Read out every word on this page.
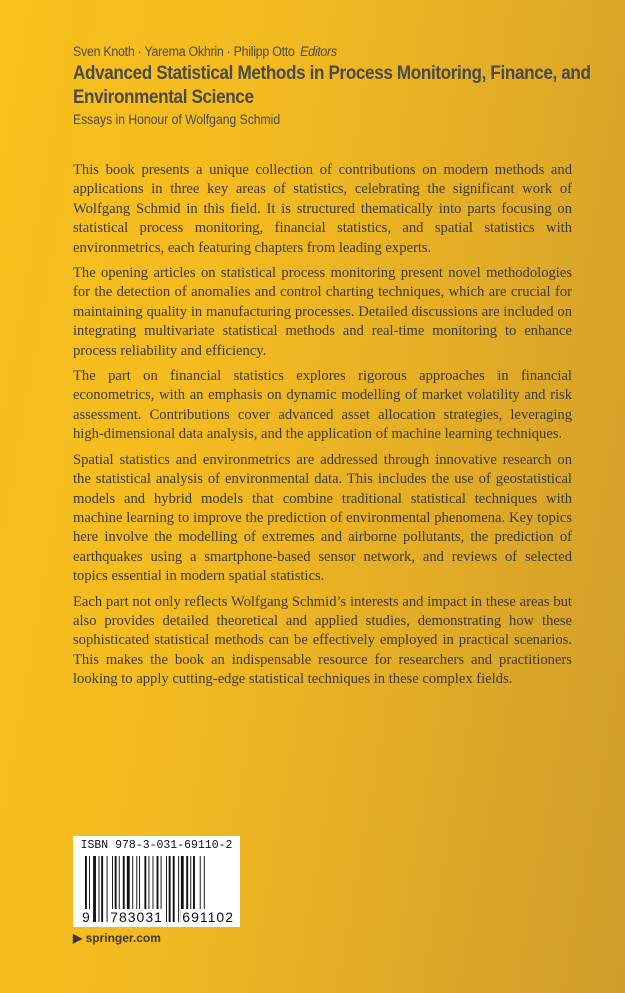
Sven Knoth · Yarema Okhrin · Philipp Otto Editors
Advanced Statistical Methods in Process Monitoring, Finance, and Environmental Science
Essays in Honour of Wolfgang Schmid

This book presents a unique collection of contributions on modern methods and applications in three key areas of statistics, celebrating the significant work of Wolfgang Schmid in this field. It is structured thematically into parts focusing on statistical process monitoring, financial statistics, and spatial statistics with environmetrics, each featuring chapters from leading experts.

The opening articles on statistical process monitoring present novel methodologies for the detection of anomalies and control charting techniques, which are crucial for maintaining quality in manufacturing processes. Detailed discussions are included on integrating multivariate statistical methods and real-time monitoring to enhance process reliability and efficiency.

The part on financial statistics explores rigorous approaches in financial econometrics, with an emphasis on dynamic modelling of market volatility and risk assessment. Contributions cover advanced asset allocation strategies, leveraging high-dimensional data analysis, and the application of machine learning techniques.

Spatial statistics and environmetrics are addressed through innovative research on the statistical analysis of environmental data. This includes the use of geostatistical models and hybrid models that combine traditional statistical techniques with machine learning to improve the prediction of environmental phenomena. Key topics here involve the modelling of extremes and airborne pollutants, the prediction of earthquakes using a smartphone-based sensor network, and reviews of selected topics essential in modern spatial statistics.

Each part not only reflects Wolfgang Schmid’s interests and impact in these areas but also provides detailed theoretical and applied studies, demonstrating how these sophisticated statistical methods can be effectively employed in practical scenarios. This makes the book an indispensable resource for researchers and practitioners looking to apply cutting-edge statistical techniques in these complex fields.

ISBN 978-3-031-69110-2
9 783031 691102
▶ springer.com
